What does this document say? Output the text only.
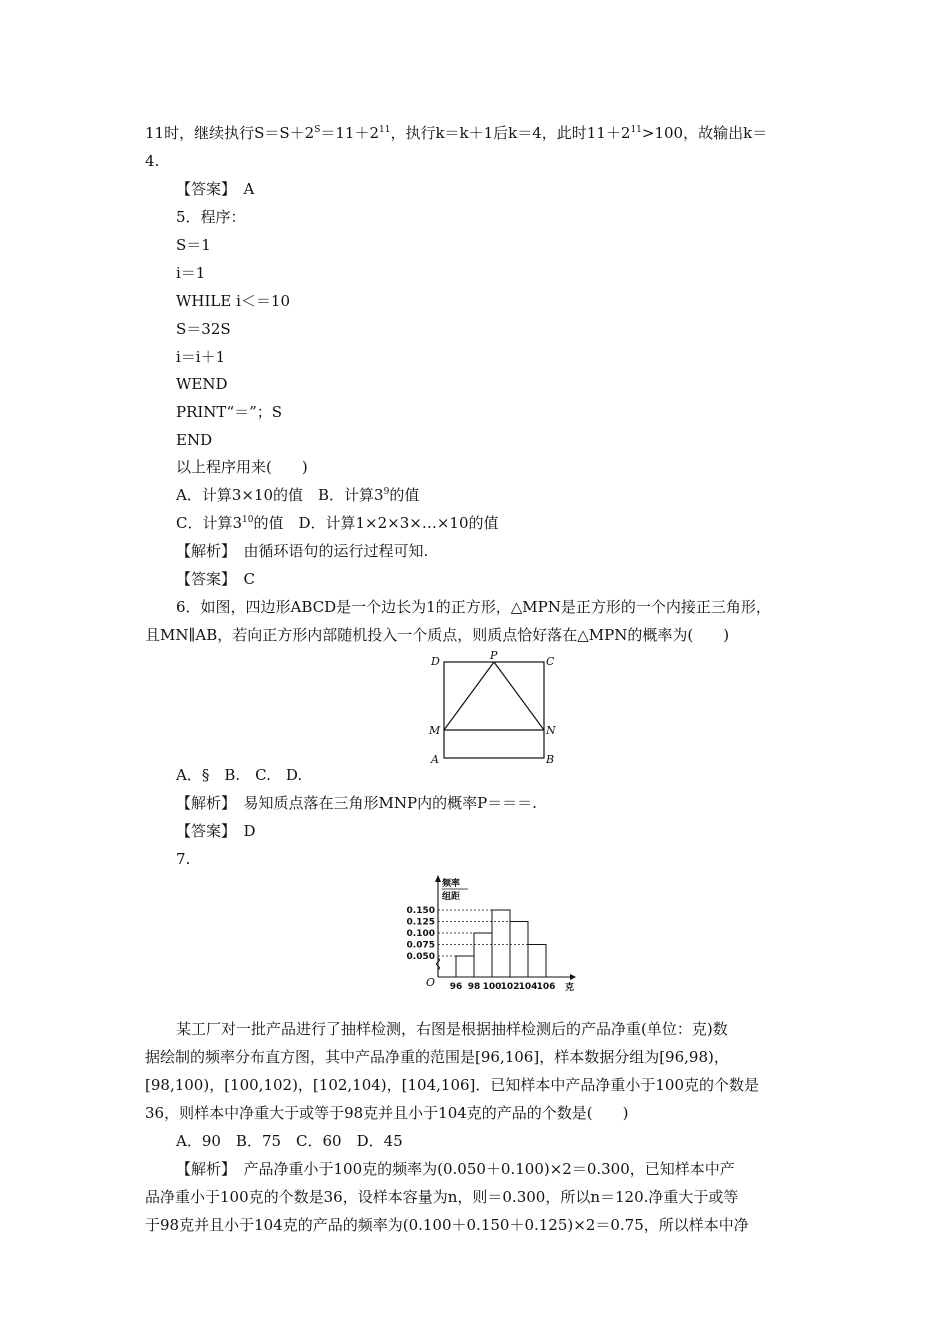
11时，继续执行$S=S+2^S=11+2^{11}$，执行k＝k＋1后k＝4，此时$11+2^{11}>100$，故输出k＝
4.
【答案】　A
5．程序：
S＝1
i＝1
WHILE i＜＝10
S＝32S
i＝i＋1
WEND
PRINT“＝”；S
END
以上程序用来(　　)
A．计算3×10的值　B．计算$3^9$的值
C．计算$3^{10}$的值　D．计算1×2×3×…×10的值
【解析】　由循环语句的运行过程可知.
【答案】　C
6．如图，四边形ABCD是一个边长为1的正方形，△MPN是正方形的一个内接正三角形，
且MN∥AB，若向正方形内部随机投入一个质点，则质点恰好落在△MPN的概率为(　　)
D	P	C
M	N
A	B
A．§　B.　C.　D.
【解析】　易知质点落在三角形MNP内的概率P＝＝＝.
【答案】　D
7.
频率
组距
O	克
0.150
0.125
0.100
0.075
0.050
96 98 100 102 104 106
某工厂对一批产品进行了抽样检测，右图是根据抽样检测后的产品净重(单位：克)数
据绘制的频率分布直方图，其中产品净重的范围是[96,106]，样本数据分组为[96,98)，
[98,100)，[100,102)，[102,104)，[104,106]．已知样本中产品净重小于100克的个数是
36，则样本中净重大于或等于98克并且小于104克的产品的个数是(　　)
A．90　B．75　C．60　D．45
【解析】　产品净重小于100克的频率为(0.050＋0.100)×2＝0.300，已知样本中产
品净重小于100克的个数是36，设样本容量为n，则＝0.300，所以n＝120.净重大于或等
于98克并且小于104克的产品的频率为(0.100＋0.150＋0.125)×2＝0.75，所以样本中净
